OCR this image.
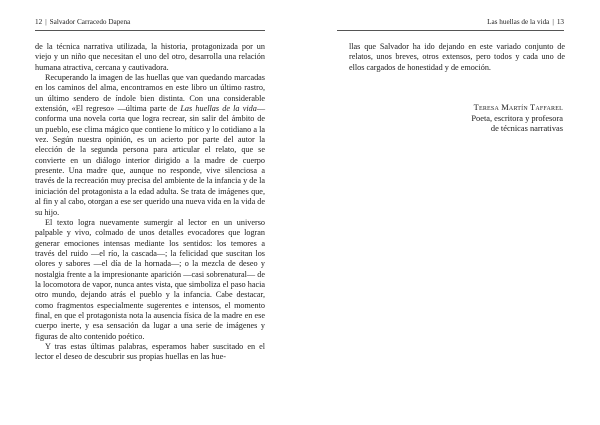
12 | Salvador Carracedo Dapena

de la técnica narrativa utilizada, la historia, protagonizada por un viejo y un niño que necesitan el uno del otro, desarrolla una relación humana atractiva, cercana y cautivadora.

Recuperando la imagen de las huellas que van quedando marcadas en los caminos del alma, encontramos en este libro un último rastro, un último sendero de índole bien distinta. Con una considerable extensión, «El regreso» —última parte de Las huellas de la vida— conforma una novela corta que logra recrear, sin salir del ámbito de un pueblo, ese clima mágico que contiene lo mítico y lo cotidiano a la vez. Según nuestra opinión, es un acierto por parte del autor la elección de la segunda persona para articular el relato, que se convierte en un diálogo interior dirigido a la madre de cuerpo presente. Una madre que, aunque no responde, vive silenciosa a través de la recreación muy precisa del ambiente de la infancia y de la iniciación del protagonista a la edad adulta. Se trata de imágenes que, al fin y al cabo, otorgan a ese ser querido una nueva vida en la vida de su hijo.

El texto logra nuevamente sumergir al lector en un universo palpable y vivo, colmado de unos detalles evocadores que logran generar emociones intensas mediante los sentidos: los temores a través del ruido —el río, la cascada—; la felicidad que suscitan los olores y sabores —el día de la hornada—; o la mezcla de deseo y nostalgia frente a la impresionante aparición —casi sobrenatural— de la locomotora de vapor, nunca antes vista, que simboliza el paso hacia otro mundo, dejando atrás el pueblo y la infancia. Cabe destacar, como fragmentos especialmente sugerentes e intensos, el momento final, en que el protagonista nota la ausencia física de la madre en ese cuerpo inerte, y esa sensación da lugar a una serie de imágenes y figuras de alto contenido poético.

Y tras estas últimas palabras, esperamos haber suscitado en el lector el deseo de descubrir sus propias huellas en las hue-

Las huellas de la vida | 13

llas que Salvador ha ido dejando en este variado conjunto de relatos, unos breves, otros extensos, pero todos y cada uno de ellos cargados de honestidad y de emoción.

Teresa Martín Taffarel
Poeta, escritora y profesora
de técnicas narrativas
